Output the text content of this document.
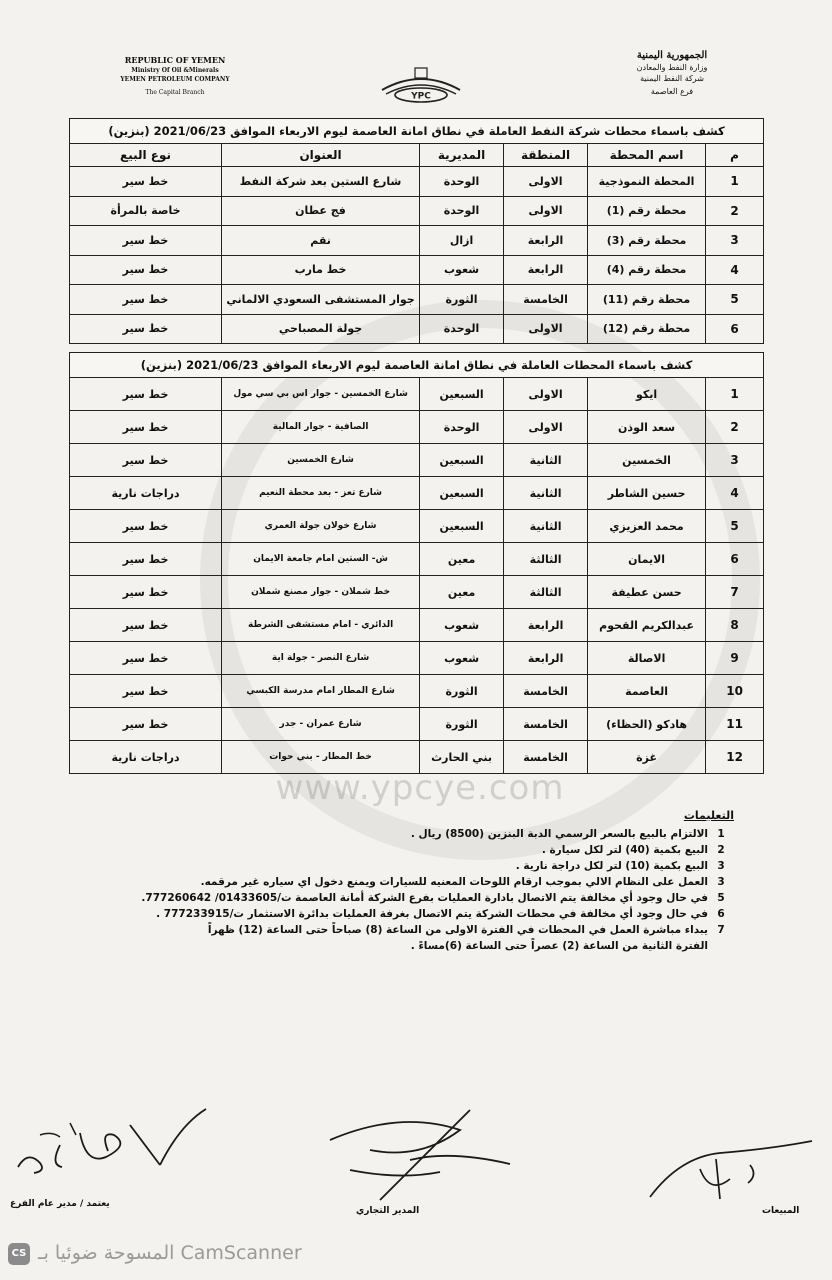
www.ypcye.com
REPUBLIC OF YEMEN
Ministry Of Oil &Minerals
YEMEN PETROLEUM COMPANY
The Capital Branch	YPC
الجمهورية اليمنية
وزارة النفط والمعادن
شركة النفط اليمنية
فرع العاصمة
كشف باسماء محطات شركة النفط العاملة في نطاق امانة العاصمة ليوم الاربعاء الموافق 2021/06/23 (بنزين)					
م	اسم المحطة	المنطقة	المديرية	العنوان	نوع البيع
1	المحطة النموذجية	الاولى	الوحدة	شارع الستين بعد شركة النفط	خط سير
2	محطة رقم (1)	الاولى	الوحدة	فج عطان	خاصة بالمرأة
3	محطة رقم (3)	الرابعة	ازال	نقم	خط سير
4	محطة رقم (4)	الرابعة	شعوب	خط مارب	خط سير
5	محطة رقم (11)	الخامسة	الثورة	جوار المستشفى السعودي الالماني	خط سير
6	محطة رقم (12)	الاولى	الوحدة	جولة المصباحي	خط سير
كشف باسماء المحطات العاملة في نطاق امانة العاصمة ليوم الاربعاء الموافق 2021/06/23 (بنزين)					
1	ايكو	الاولى	السبعين	شارع الخمسين - جوار اس بي سي مول	خط سير
2	سعد الوذن	الاولى	الوحدة	الصافية - جوار المالية	خط سير
3	الخمسين	الثانية	السبعين	شارع الخمسين	خط سير
4	حسين الشاطر	الثانية	السبعين	شارع تعز - بعد محطة النعيم	دراجات نارية
5	محمد العزيزي	الثانية	السبعين	شارع خولان جولة العمري	خط سير
6	الايمان	الثالثة	معين	ش- الستين امام جامعة الايمان	خط سير
7	حسن عطيفة	الثالثة	معين	خط شملان - جوار مصنع شملان	خط سير
8	عبدالكريم القحوم	الرابعة	شعوب	الدائري - امام مستشفى الشرطة	خط سير
9	الاصالة	الرابعة	شعوب	شارع النصر - جولة اية	خط سير
10	العاصمة	الخامسة	الثورة	شارع المطار امام مدرسة الكبسي	خط سير
11	هادكو (الحظاء)	الخامسة	الثورة	شارع عمران - جدر	خط سير
12	غزة	الخامسة	بني الحارث	خط المطار - بني حوات	دراجات نارية
التعليمات
1
الالتزام بالبيع بالسعر الرسمي الدبة البنزين (8500) ريال .
2
البيع بكمية (40) لتر لكل سيارة .
3
البيع بكمية (10) لتر لكل دراجة نارية .
3
العمل على النظام الالي بموجب ارقام اللوحات المعنيه للسيارات ويمنع دخول اي سياره غير مرقمه.
5
في حال وجود أي مخالفة يتم الاتصال بادارة العمليات بفرع الشركة أمانة العاصمة ت/01433605/ 777260642.
6
في حال وجود أي مخالفة في محطات الشركة يتم الاتصال بغرفة العمليات بدائرة الاستثمار ت/777233915 .
7
يبداء مباشرة العمل في المحطات في الفترة الاولى من الساعة (8) صباحاً حتى الساعة (12) ظهراً
الفترة الثانية من الساعة (2) عصراً حتى الساعة (6)مساءً .
يعتمد / مدير عام الفرع
المدير التجاري	المبيعات
CS المسوحة ضوئيا بـ CamScanner
